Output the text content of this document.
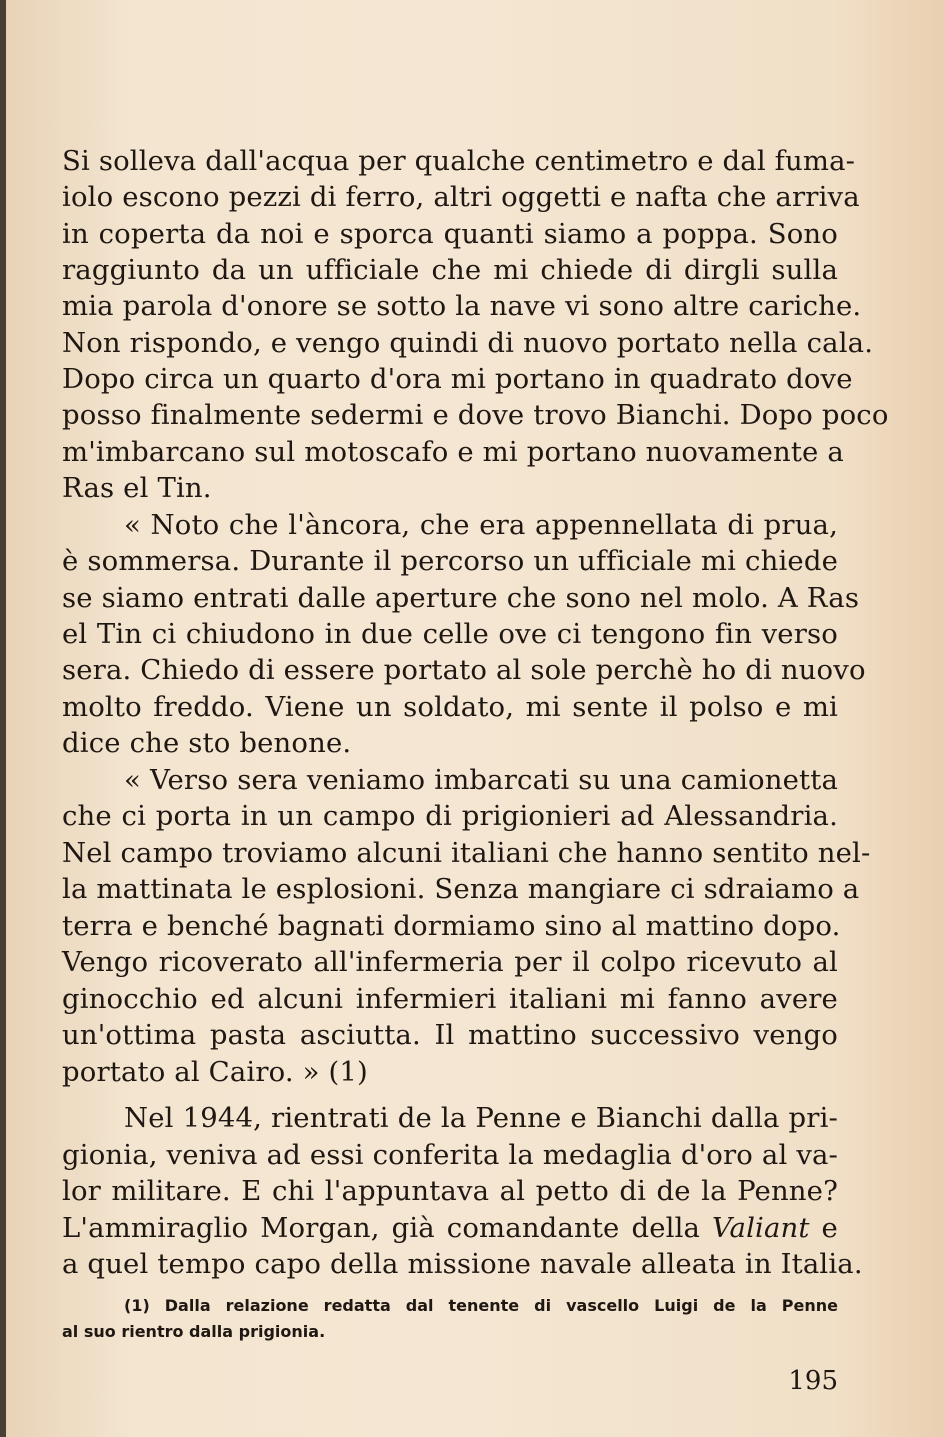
Si solleva dall'acqua per qualche centimetro e dal fuma-

iolo escono pezzi di ferro, altri oggetti e nafta che arriva

in coperta da noi e sporca quanti siamo a poppa. Sono

raggiunto da un ufficiale che mi chiede di dirgli sulla

mia parola d'onore se sotto la nave vi sono altre cariche.

Non rispondo, e vengo quindi di nuovo portato nella cala.

Dopo circa un quarto d'ora mi portano in quadrato dove

posso finalmente sedermi e dove trovo Bianchi. Dopo poco

m'imbarcano sul motoscafo e mi portano nuovamente a

Ras el Tin.

« Noto che l'àncora, che era appennellata di prua,

è sommersa. Durante il percorso un ufficiale mi chiede

se siamo entrati dalle aperture che sono nel molo. A Ras

el Tin ci chiudono in due celle ove ci tengono fin verso

sera. Chiedo di essere portato al sole perchè ho di nuovo

molto freddo. Viene un soldato, mi sente il polso e mi

dice che sto benone.

« Verso sera veniamo imbarcati su una camionetta

che ci porta in un campo di prigionieri ad Alessandria.

Nel campo troviamo alcuni italiani che hanno sentito nel-

la mattinata le esplosioni. Senza mangiare ci sdraiamo a

terra e benché bagnati dormiamo sino al mattino dopo.

Vengo ricoverato all'infermeria per il colpo ricevuto al

ginocchio ed alcuni infermieri italiani mi fanno avere

un'ottima pasta asciutta. Il mattino successivo vengo

portato al Cairo. » (1)

Nel 1944, rientrati de la Penne e Bianchi dalla pri-

gionia, veniva ad essi conferita la medaglia d'oro al va-

lor militare. E chi l'appuntava al petto di de la Penne?

L'ammiraglio Morgan, già comandante della Valiant e

a quel tempo capo della missione navale alleata in Italia.

(1) Dalla relazione redatta dal tenente di vascello Luigi de la Penne

al suo rientro dalla prigionia.

195
